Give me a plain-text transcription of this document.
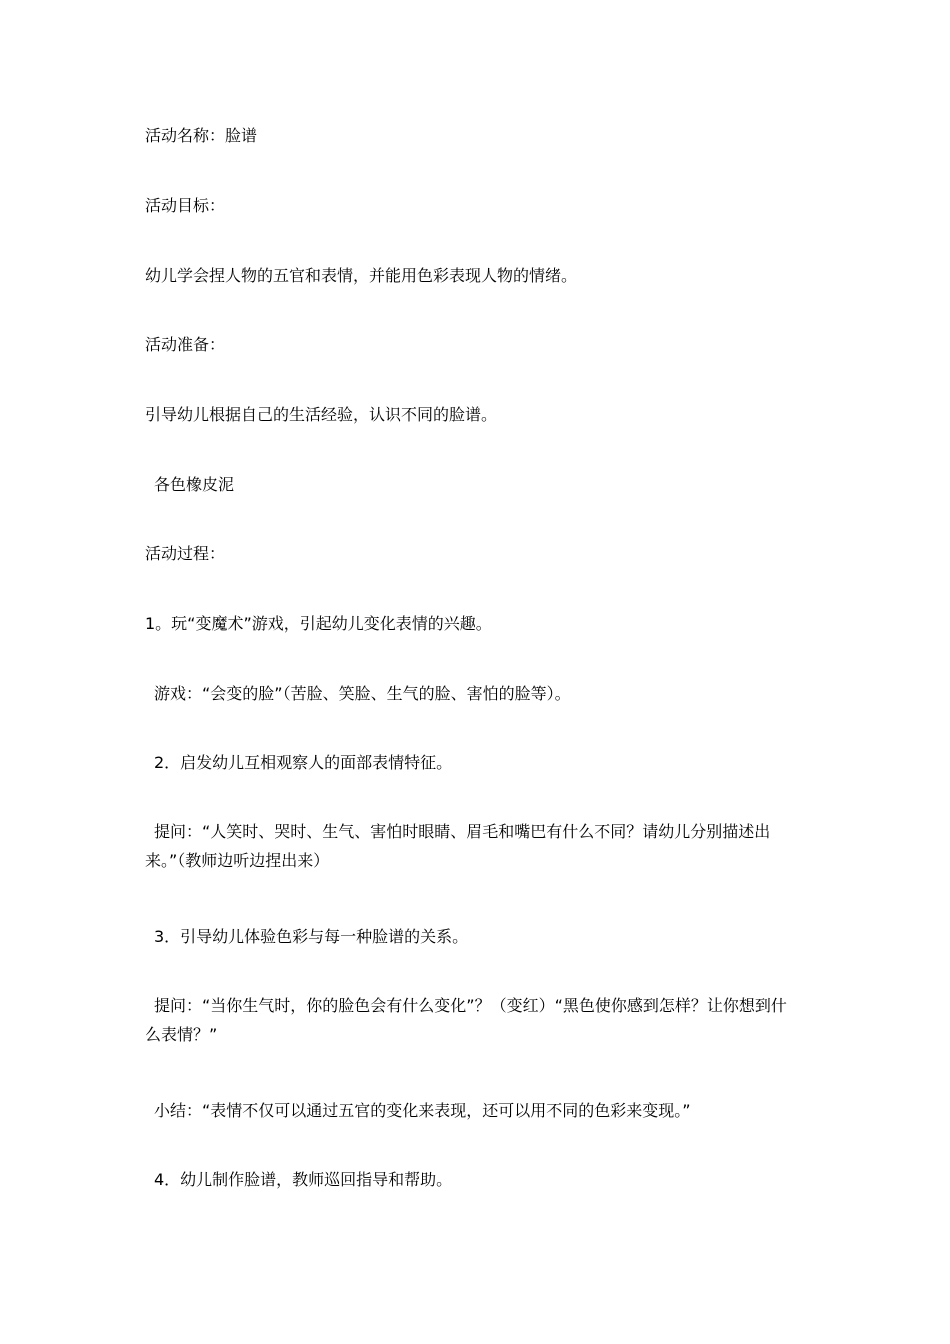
活动名称：脸谱
活动目标：
幼儿学会捏人物的五官和表情，并能用色彩表现人物的情绪。
活动准备：
引导幼儿根据自己的生活经验，认识不同的脸谱。
各色橡皮泥
活动过程：
1。玩“变魔术”游戏，引起幼儿变化表情的兴趣。
游戏：“会变的脸”（苦脸、笑脸、生气的脸、害怕的脸等）。
2．启发幼儿互相观察人的面部表情特征。
提问：“人笑时、哭时、生气、害怕时眼睛、眉毛和嘴巴有什么不同？请幼儿分别描述出来。”（教师边听边捏出来）
3．引导幼儿体验色彩与每一种脸谱的关系。
提问：“当你生气时，你的脸色会有什么变化”？（变红）“黑色使你感到怎样？让你想到什么表情？”
小结：“表情不仅可以通过五官的变化来表现，还可以用不同的色彩来变现。”
4．幼儿制作脸谱，教师巡回指导和帮助。
